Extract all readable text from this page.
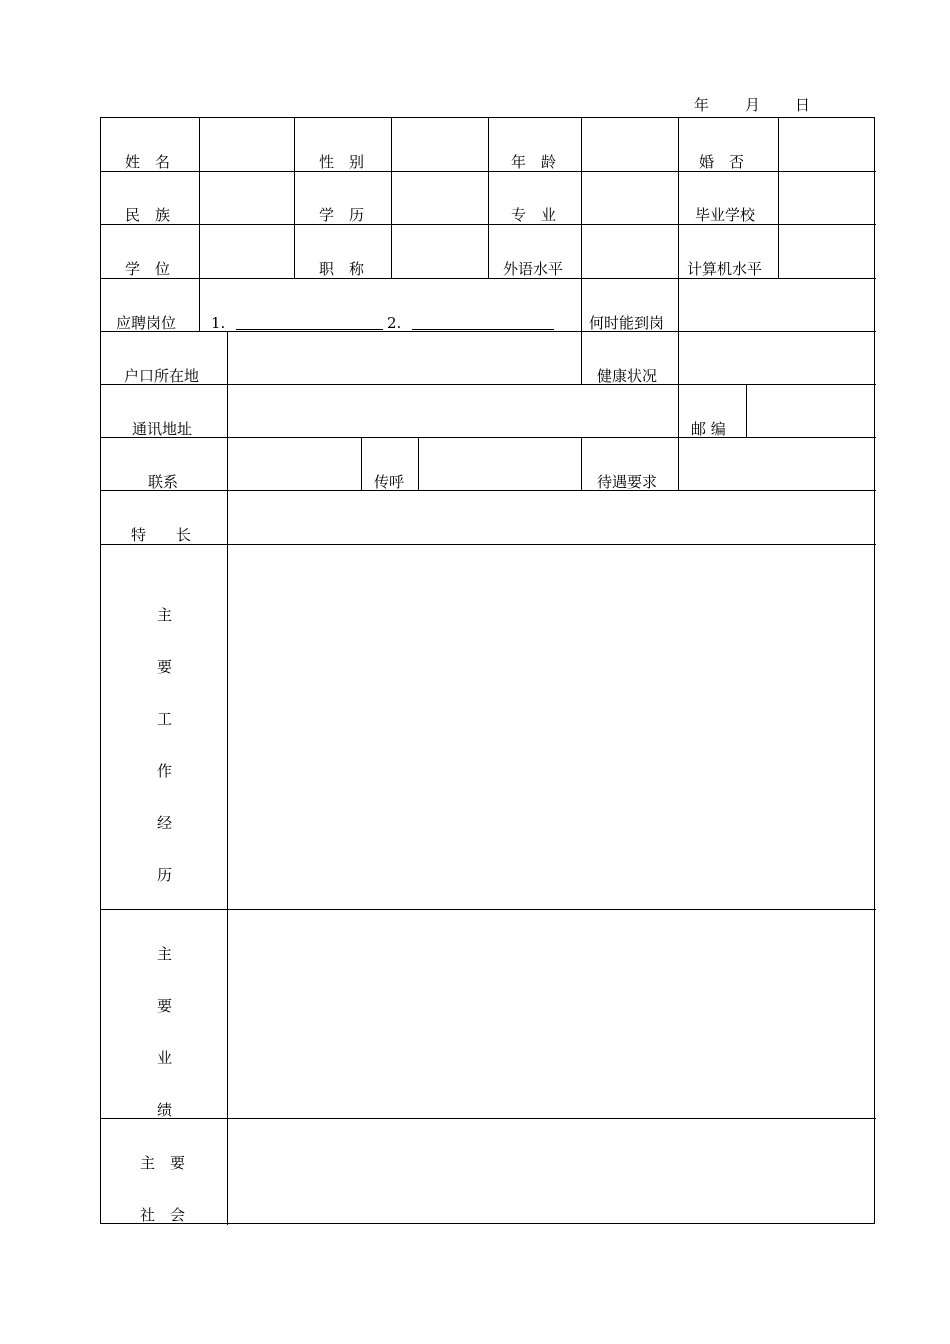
年 月 日
姓　名	性　别	年　龄	婚　否
民　族	学　历	专　业	毕业学校
学　位	职　称	外语水平	计算机水平
应聘岗位 1.	2.	何时能到岗
户口所在地	健康状况
通讯地址	邮 编
联系	传呼	待遇要求
特　　长
主
要
工
作
经
历
主
要
业
绩
主　要
社　会
